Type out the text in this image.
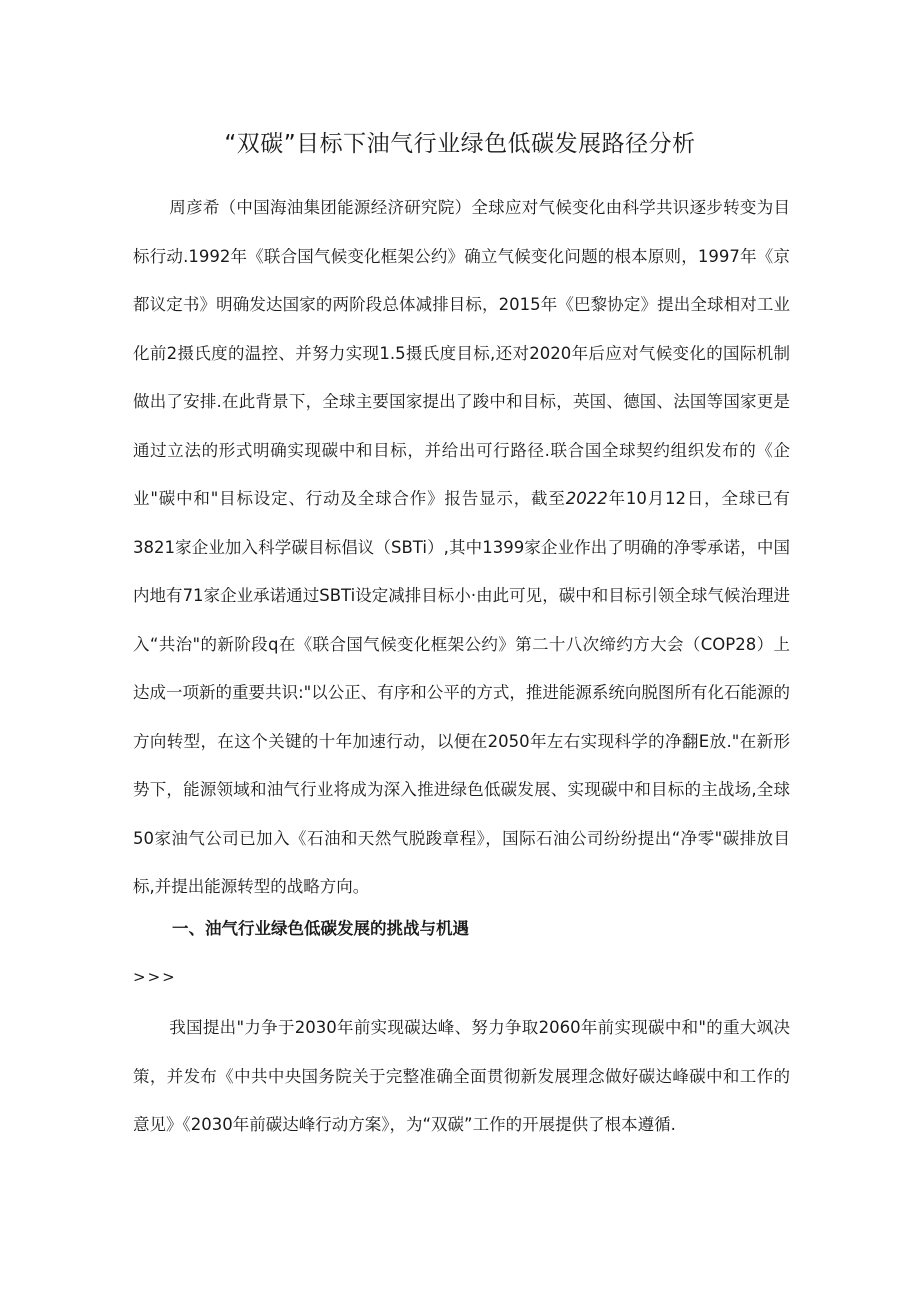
“双碳”目标下油气行业绿色低碳发展路径分析

周彦希（中国海油集团能源经济研究院）全球应对气候变化由科学共识逐步转变为目标行动.1992年《联合国气候变化框架公约》确立气候变化问题的根本原则，1997年《京都议定书》明确发达国家的两阶段总体减排目标，2015年《巴黎协定》提出全球相对工业化前2摄氏度的温控、并努力实现1.5摄氏度目标,还对2020年后应对气候变化的国际机制做出了安排.在此背景下，全球主要国家提出了踆中和目标，英国、德国、法国等国家更是通过立法的形式明确实现碳中和目标，并给出可行路径.联合国全球契约组织发布的《企业"碳中和"目标设定、行动及全球合作》报告显示，截至2022年10月12日，全球已有3821家企业加入科学碳目标倡议（SBTi）,其中1399家企业作出了明确的净零承诺，中国内地有71家企业承诺通过SBTi设定减排目标小·由此可见，碳中和目标引领全球气候治理进入“共治"的新阶段q在《联合国气候变化框架公约》第二十八次缔约方大会（COP28）上达成一项新的重要共识:"以公正、有序和公平的方式，推进能源系统向脱图所有化石能源的方向转型，在这个关键的十年加速行动，以便在2050年左右实现科学的净翻E放."在新形势下，能源领域和油气行业将成为深入推进绿色低碳发展、实现碳中和目标的主战场,全球50家油气公司已加入《石油和天然气脱踆章程》，国际石油公司纷纷提出“净零"碳排放目标,并提出能源转型的战略方向。

一、油气行业绿色低碳发展的挑战与机遇
>>>

我国提出"力争于2030年前实现碳达峰、努力争取2060年前实现碳中和"的重大飒决策，并发布《中共中央国务院关于完整准确全面贯彻新发展理念做好碳达峰碳中和工作的意见》《2030年前碳达峰行动方案》，为“双碳”工作的开展提供了根本遵循.
